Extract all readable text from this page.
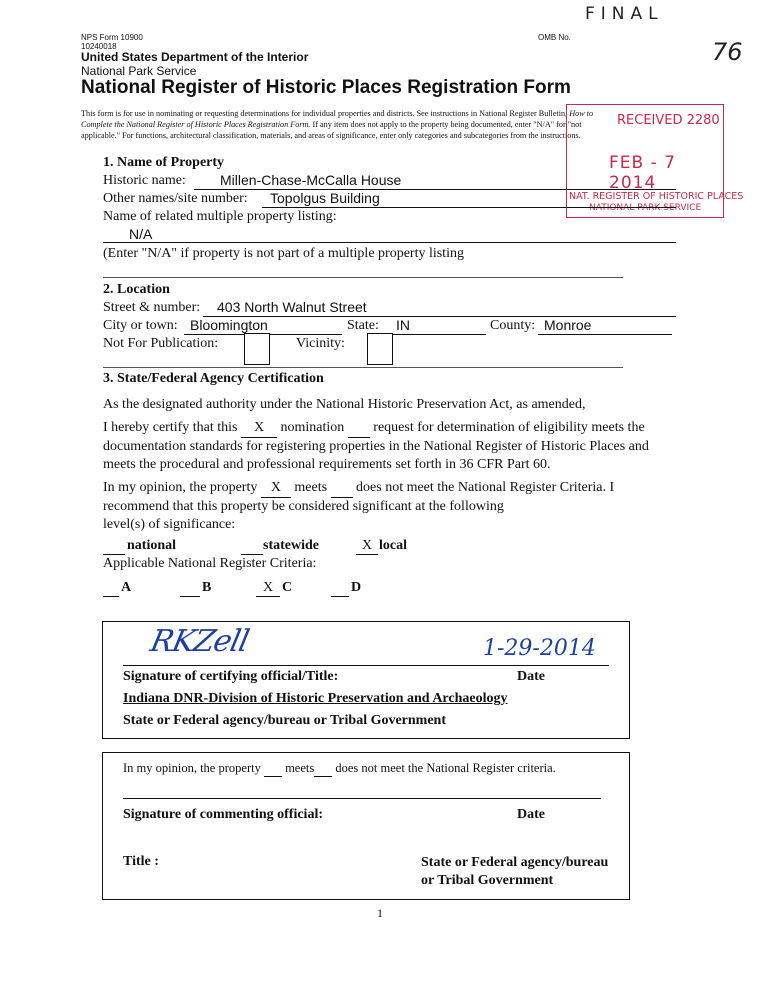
FINAL
76
NPS Form 10900
10240018
OMB No.
United States Department of the Interior
National Park Service
National Register of Historic Places Registration Form
This form is for use in nominating or requesting determinations for individual properties and districts. See instructions in National Register Bulletin, How to
Complete the National Register of Historic Places Registration Form. If any item does not apply to the property being documented, enter "N/A" for "not
applicable." For functions, architectural classification, materials, and areas of significance, enter only categories and subcategories from the instructions.
RECEIVED 2280
FEB - 7 2014
NAT. REGISTER OF HISTORIC PLACES
NATIONAL PARK SERVICE
1. Name of Property
Historic name: Millen-Chase-McCalla House
Other names/site number: Topolgus Building
Name of related multiple property listing:
N/A
(Enter "N/A" if property is not part of a multiple property listing
2. Location
Street & number: 403 North Walnut Street
City or town: Bloomington	State: IN	County: Monroe
Not For Publication:	Vicinity:
3. State/Federal Agency Certification
As the designated authority under the National Historic Preservation Act, as amended,
I hereby certify that this X nomination request for determination of eligibility meets the
documentation standards for registering properties in the National Register of Historic Places and
meets the procedural and professional requirements set forth in 36 CFR Part 60.
In my opinion, the property X meets does not meet the National Register Criteria. I
recommend that this property be considered significant at the following
level(s) of significance:
national	statewide	X local
Applicable National Register Criteria:
A	B	X C	D
RKZell	1-29-2014
Signature of certifying official/Title:	Date
Indiana DNR-Division of Historic Preservation and Archaeology
State or Federal agency/bureau or Tribal Government
In my opinion, the property meets does not meet the National Register criteria.
Signature of commenting official:	Date
Title :	State or Federal agency/bureau
or Tribal Government
1
